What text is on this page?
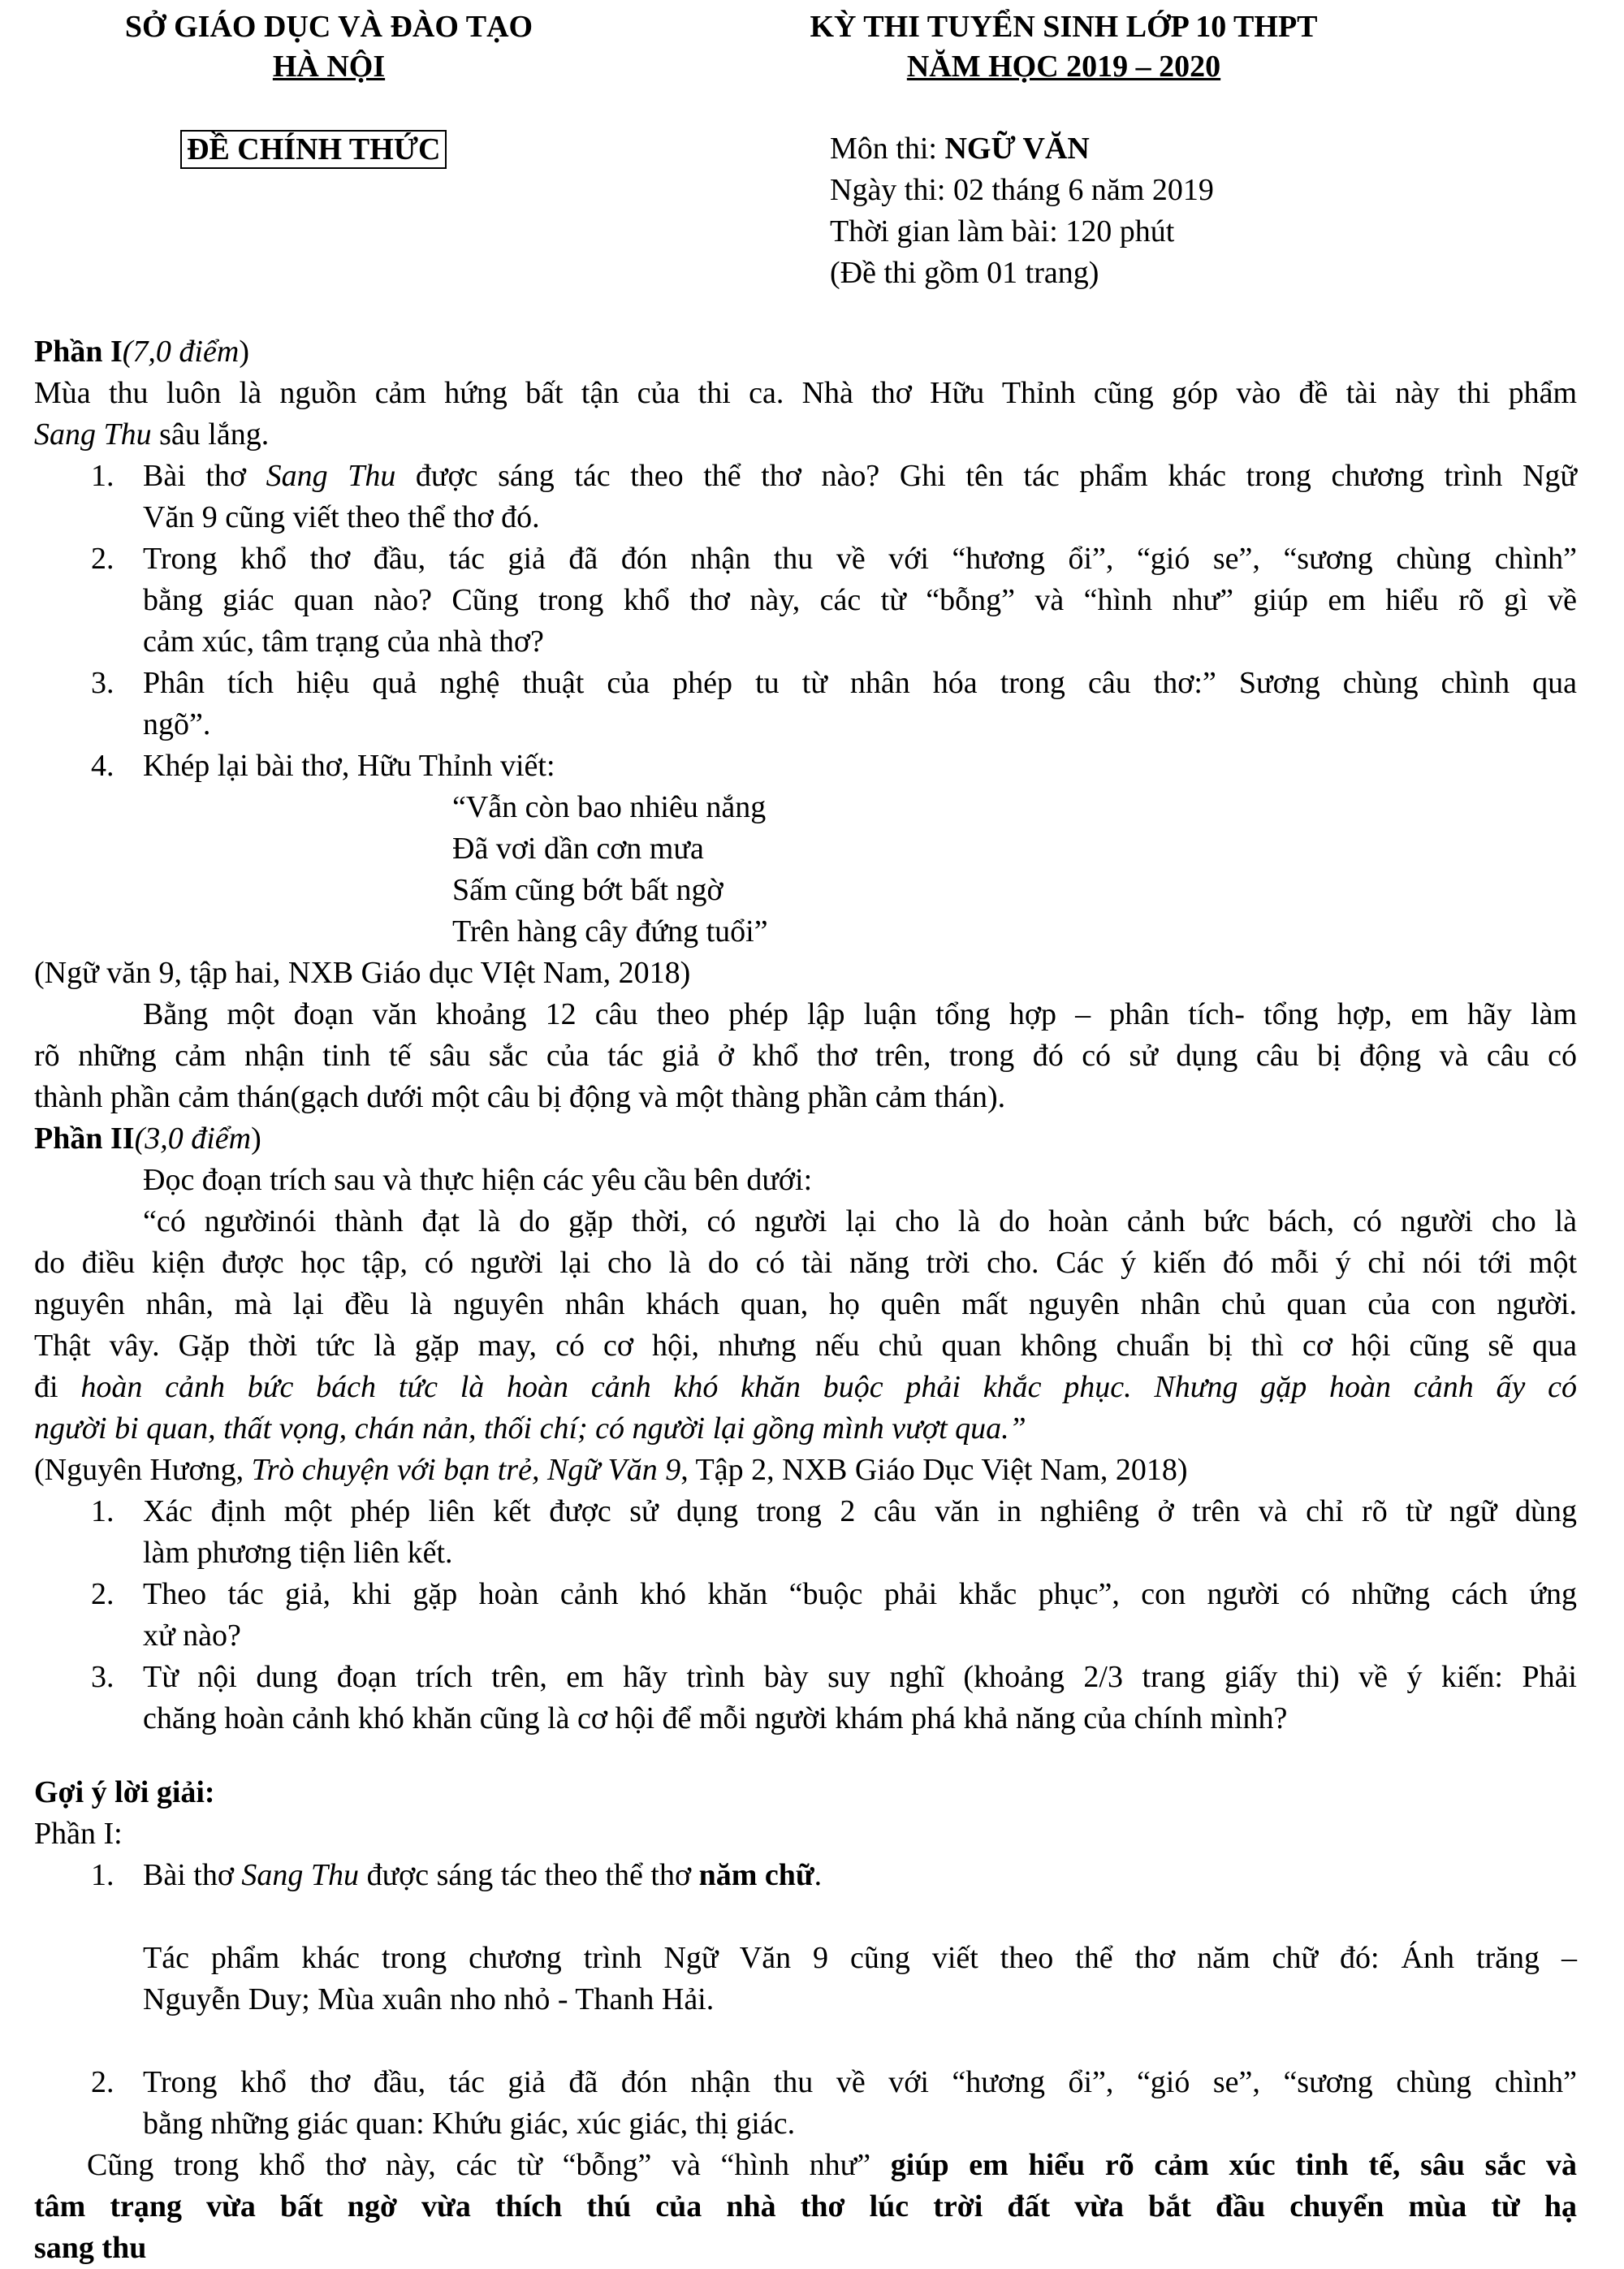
SỞ GIÁO DỤC VÀ ĐÀO TẠO
HÀ NỘI
KỲ THI TUYỂN SINH LỚP 10 THPT
NĂM HỌC 2019 – 2020
ĐỀ CHÍNH THỨC	Môn thi: NGỮ VĂN
Ngày thi: 02 tháng 6 năm 2019
Thời gian làm bài: 120 phút
(Đề thi gồm 01 trang)

Phần I(7,0 điểm)

Mùa thu luôn là nguồn cảm hứng bất tận của thi ca. Nhà thơ Hữu Thỉnh cũng góp vào đề tài này thi phẩm

Sang Thu sâu lắng.

1. Bài thơ Sang Thu được sáng tác theo thể thơ nào? Ghi tên tác phẩm khác trong chương trình Ngữ

Văn 9 cũng viết theo thể thơ đó.

2. Trong khổ thơ đầu, tác giả đã đón nhận thu về với “hương ổi”, “gió se”, “sương chùng chình”

bằng giác quan nào? Cũng trong khổ thơ này, các từ “bỗng” và “hình như” giúp em hiểu rõ gì về

cảm xúc, tâm trạng của nhà thơ?

3. Phân tích hiệu quả nghệ thuật của phép tu từ nhân hóa trong câu thơ:” Sương chùng chình qua

ngõ”.

4. Khép lại bài thơ, Hữu Thỉnh viết:

“Vẫn còn bao nhiêu nắng

Đã vơi dần cơn mưa

Sấm cũng bớt bất ngờ

Trên hàng cây đứng tuổi”

(Ngữ văn 9, tập hai, NXB Giáo dục VIệt Nam, 2018)

Bằng một đoạn văn khoảng 12 câu theo phép lập luận tổng hợp – phân tích- tổng hợp, em hãy làm

rõ những cảm nhận tinh tế sâu sắc của tác giả ở khổ thơ trên, trong đó có sử dụng câu bị động và câu có

thành phần cảm thán(gạch dưới một câu bị động và một thàng phần cảm thán).

Phần II(3,0 điểm)

Đọc đoạn trích sau và thực hiện các yêu cầu bên dưới:

“có ngườinói thành đạt là do gặp thời, có người lại cho là do hoàn cảnh bức bách, có người cho là

do điều kiện được học tập, có người lại cho là do có tài năng trời cho. Các ý kiến đó mỗi ý chỉ nói tới một

nguyên nhân, mà lại đều là nguyên nhân khách quan, họ quên mất nguyên nhân chủ quan của con người.

Thật vây. Gặp thời tức là gặp may, có cơ hội, nhưng nếu chủ quan không chuẩn bị thì cơ hội cũng sẽ qua

đi hoàn cảnh bức bách tức là hoàn cảnh khó khăn buộc phải khắc phục. Nhưng gặp hoàn cảnh ấy có

người bi quan, thất vọng, chán nản, thối chí; có người lại gồng mình vượt qua.”

(Nguyên Hương, Trò chuyện với bạn trẻ, Ngữ Văn 9, Tập 2, NXB Giáo Dục Việt Nam, 2018)

1. Xác định một phép liên kết được sử dụng trong 2 câu văn in nghiêng ở trên và chỉ rõ từ ngữ dùng

làm phương tiện liên kết.

2. Theo tác giả, khi gặp hoàn cảnh khó khăn “buộc phải khắc phục”, con người có những cách ứng

xử nào?

3. Từ nội dung đoạn trích trên, em hãy trình bày suy nghĩ (khoảng 2/3 trang giấy thi) về ý kiến: Phải

chăng hoàn cảnh khó khăn cũng là cơ hội để mỗi người khám phá khả năng của chính mình?

Gợi ý lời giải:

Phần I:

1. Bài thơ Sang Thu được sáng tác theo thể thơ năm chữ.

Tác phẩm khác trong chương trình Ngữ Văn 9 cũng viết theo thể thơ năm chữ đó: Ánh trăng –

Nguyễn Duy; Mùa xuân nho nhỏ - Thanh Hải.

2. Trong khổ thơ đầu, tác giả đã đón nhận thu về với “hương ổi”, “gió se”, “sương chùng chình”

bằng những giác quan: Khứu giác, xúc giác, thị giác.

Cũng trong khổ thơ này, các từ “bỗng” và “hình như” giúp em hiểu rõ cảm xúc tinh tế, sâu sắc và

tâm trạng vừa bất ngờ vừa thích thú của nhà thơ lúc trời đất vừa bắt đầu chuyển mùa từ hạ

sang thu
